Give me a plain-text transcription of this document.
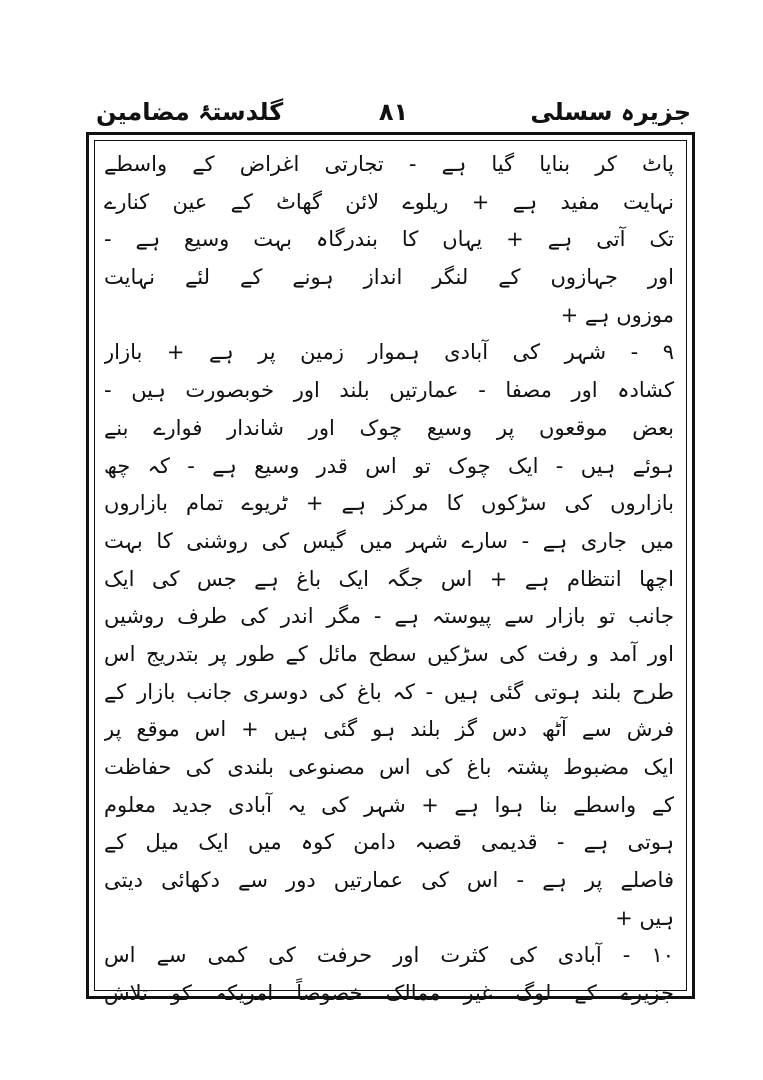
جزیرہ سسلی
۸۱
گلدستۂ مضامین
پاٹ کر بنایا گیا ہے - تجارتی اغراض کے واسطے
نہایت مفید ہے + ریلوے لائن گھاٹ کے عین کنارے
تک آتی ہے + یہاں کا بندرگاہ بہت وسیع ہے -
اور جہازوں کے لنگر انداز ہونے کے لئے نہایت
موزوں ہے +
۹ - شہر کی آبادی ہموار زمین پر ہے + بازار
کشادہ اور مصفا - عمارتیں بلند اور خوبصورت ہیں -
بعض موقعوں پر وسیع چوک اور شاندار فوارے بنے
ہوئے ہیں - ایک چوک تو اس قدر وسیع ہے - کہ چھ
بازاروں کی سڑکوں کا مرکز ہے + ٹریوے تمام بازاروں
میں جاری ہے - سارے شہر میں گیس کی روشنی کا بہت
اچھا انتظام ہے + اس جگہ ایک باغ ہے جس کی ایک
جانب تو بازار سے پیوستہ ہے - مگر اندر کی طرف روشیں
اور آمد و رفت کی سڑکیں سطح مائل کے طور پر بتدریج اس
طرح بلند ہوتی گئی ہیں - کہ باغ کی دوسری جانب بازار کے
فرش سے آٹھ دس گز بلند ہو گئی ہیں + اس موقع پر
ایک مضبوط پشتہ باغ کی اس مصنوعی بلندی کی حفاظت
کے واسطے بنا ہوا ہے + شہر کی یہ آبادی جدید معلوم
ہوتی ہے - قدیمی قصبہ دامن کوہ میں ایک میل کے
فاصلے پر ہے - اس کی عمارتیں دور سے دکھائی دیتی
ہیں +
۱۰ - آبادی کی کثرت اور حرفت کی کمی سے اس
جزیرے کے لوگ غیر ممالک خصوصاً امریکہ کو تلاش
